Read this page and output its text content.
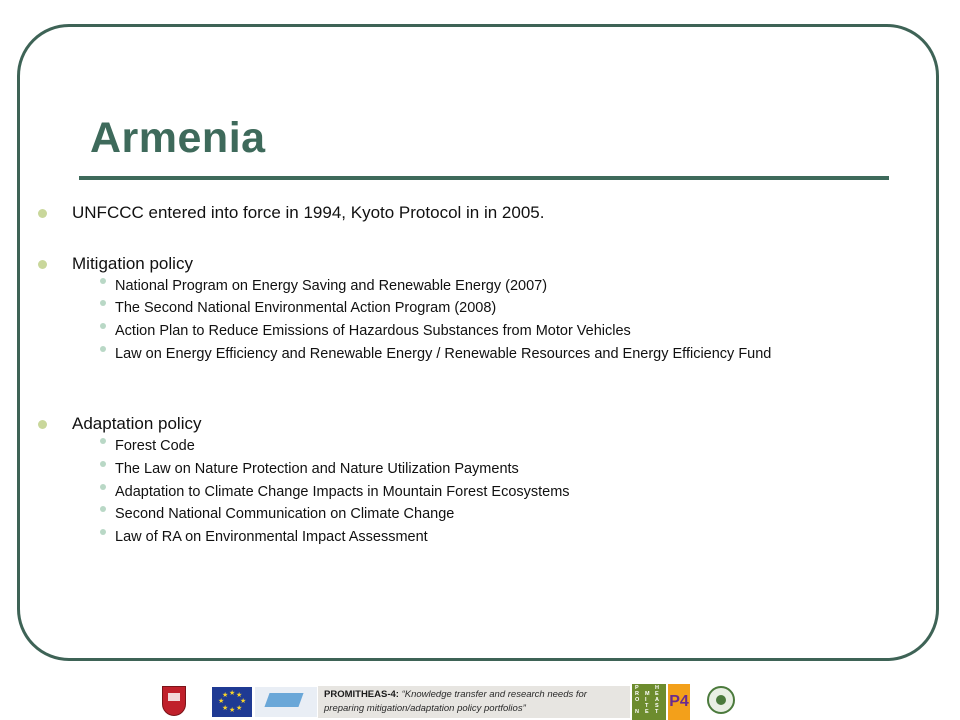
Armenia
UNFCCC entered into force in 1994, Kyoto Protocol in in 2005.
Mitigation policy
National Program on Energy Saving and Renewable Energy (2007)
The Second National Environmental Action Program (2008)
Action Plan to Reduce Emissions of Hazardous Substances from Motor Vehicles
Law on Energy Efficiency and Renewable Energy / Renewable Resources and Energy Efficiency Fund
Adaptation policy
Forest Code
The Law on Nature Protection and Nature Utilization Payments
Adaptation to Climate Change Impacts in Mountain Forest Ecosystems
Second National Communication on Climate Change
Law of RA on Environmental Impact Assessment
★ ★
★
★
★
★
★
★	PROMITHEAS-4: “Knowledge transfer and research needs for
preparing mitigation/adaptation policy portfolios”
P
R
O
M
I
T
H
E
A
S
N E T
P4
